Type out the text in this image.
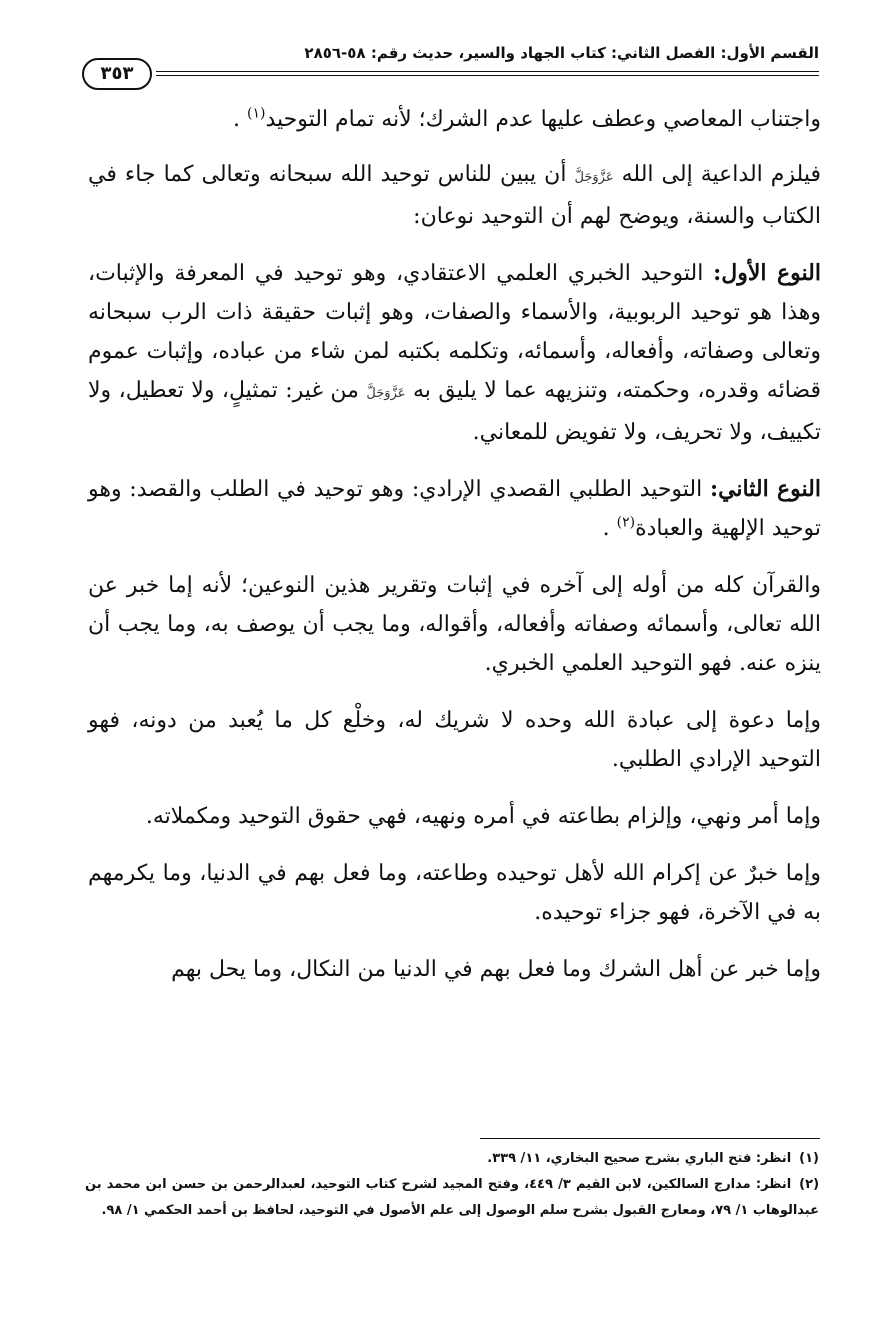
القسم الأول: الفصل الثاني: كتاب الجهاد والسير، حديث رقم: ٥٨-٢٨٥٦
٣٥٣

واجتناب المعاصي وعطف عليها عدم الشرك؛ لأنه تمام التوحيد$^{(١)}$ .

فيلزم الداعية إلى الله عَزَّوَجَلَّ أن يبين للناس توحيد الله سبحانه وتعالى كما جاء في الكتاب والسنة، ويوضح لهم أن التوحيد نوعان:

النوع الأول: التوحيد الخبري العلمي الاعتقادي، وهو توحيد في المعرفة والإثبات، وهذا هو توحيد الربوبية، والأسماء والصفات، وهو إثبات حقيقة ذات الرب سبحانه وتعالى وصفاته، وأفعاله، وأسمائه، وتكلمه بكتبه لمن شاء من عباده، وإثبات عموم قضائه وقدره، وحكمته، وتنزيهه عما لا يليق به عَزَّوَجَلَّ من غير: تمثيلٍ، ولا تعطيل، ولا تكييف، ولا تحريف، ولا تفويض للمعاني.

النوع الثاني: التوحيد الطلبي القصدي الإرادي: وهو توحيد في الطلب والقصد: وهو توحيد الإلهية والعبادة$^{(٢)}$ .

والقرآن كله من أوله إلى آخره في إثبات وتقرير هذين النوعين؛ لأنه إما خبر عن الله تعالى، وأسمائه وصفاته وأفعاله، وأقواله، وما يجب أن يوصف به، وما يجب أن ينزه عنه. فهو التوحيد العلمي الخبري.

وإما دعوة إلى عبادة الله وحده لا شريك له، وخلْع كل ما يُعبد من دونه، فهو التوحيد الإرادي الطلبي.

وإما أمر ونهي، وإلزام بطاعته في أمره ونهيه، فهي حقوق التوحيد ومكملاته.

وإما خبرٌ عن إكرام الله لأهل توحيده وطاعته، وما فعل بهم في الدنيا، وما يكرمهم به في الآخرة، فهو جزاء توحيده.

وإما خبر عن أهل الشرك وما فعل بهم في الدنيا من النكال، وما يحل بهم

(١)انظر: فتح الباري بشرح صحيح البخاري، ١١/ ٣٣٩.

(٢)انظر: مدارج السالكين، لابن القيم ٣/ ٤٤٩، وفتح المجيد لشرح كتاب التوحيد، لعبدالرحمن بن حسن ابن محمد بن عبدالوهاب ١/ ٧٩، ومعارج القبول بشرح سلم الوصول إلى علم الأصول في التوحيد، لحافظ بن أحمد الحكمي ١/ ٩٨.
